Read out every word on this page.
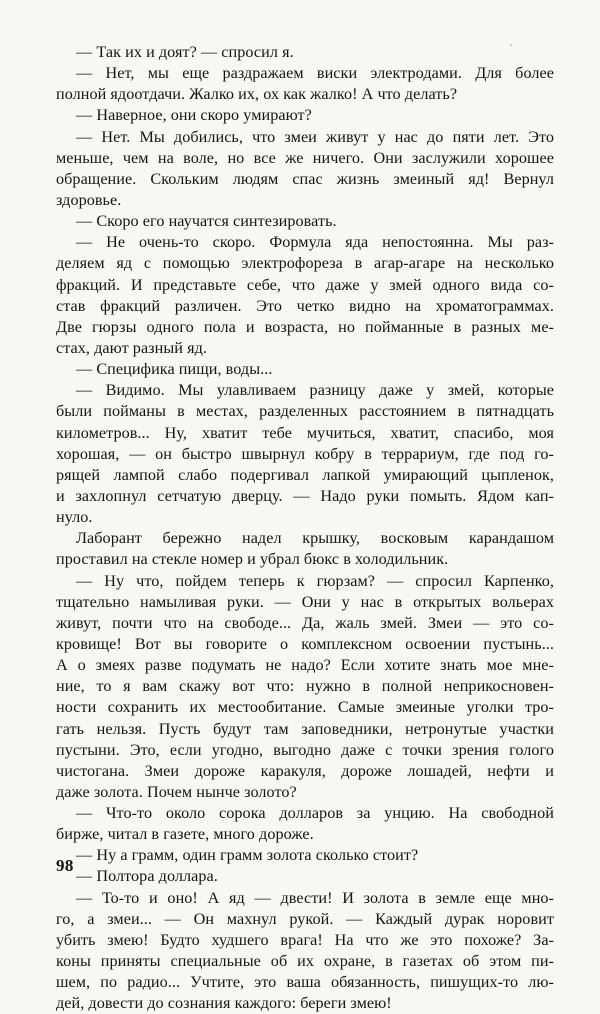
— Так их и доят? — спросил я.
— Нет, мы еще раздражаем виски электродами. Для более
полной ядоотдачи. Жалко их, ох как жалко! А что делать?
— Наверное, они скоро умирают?
— Нет. Мы добились, что змеи живут у нас до пяти лет. Это
меньше, чем на воле, но все же ничего. Они заслужили хорошее
обращение. Скольким людям спас жизнь змеиный яд! Вернул
здоровье.
— Скоро его научатся синтезировать.
— Не очень-то скоро. Формула яда непостоянна. Мы раз-
деляем яд с помощью электрофореза в агар-агаре на несколько
фракций. И представьте себе, что даже у змей одного вида со-
став фракций различен. Это четко видно на хроматограммах.
Две гюрзы одного пола и возраста, но пойманные в разных ме-
стах, дают разный яд.
— Специфика пищи, воды...
— Видимо. Мы улавливаем разницу даже у змей, которые
были пойманы в местах, разделенных расстоянием в пятнадцать
километров... Ну, хватит тебе мучиться, хватит, спасибо, моя
хорошая, — он быстро швырнул кобру в террариум, где под го-
рящей лампой слабо подергивал лапкой умирающий цыпленок,
и захлопнул сетчатую дверцу. — Надо руки помыть. Ядом кап-
нуло.
Лаборант бережно надел крышку, восковым карандашом
проставил на стекле номер и убрал бюкс в холодильник.
— Ну что, пойдем теперь к гюрзам? — спросил Карпенко,
тщательно намыливая руки. — Они у нас в открытых вольерах
живут, почти что на свободе... Да, жаль змей. Змеи — это со-
кровище! Вот вы говорите о комплексном освоении пустынь...
А о змеях разве подумать не надо? Если хотите знать мое мне-
ние, то я вам скажу вот что: нужно в полной неприкосновен-
ности сохранить их местообитание. Самые змеиные уголки тро-
гать нельзя. Пусть будут там заповедники, нетронутые участки
пустыни. Это, если угодно, выгодно даже с точки зрения голого
чистогана. Змеи дороже каракуля, дороже лошадей, нефти и
даже золота. Почем нынче золото?
— Что-то около сорока долларов за унцию. На свободной
бирже, читал в газете, много дороже.
— Ну а грамм, один грамм золота сколько стоит?
— Полтора доллара.
— То-то и оно! А яд — двести! И золота в земле еще мно-
го, а змеи... — Он махнул рукой. — Каждый дурак норовит
убить змею! Будто худшего врага! На что же это похоже? За-
коны приняты специальные об их охране, в газетах об этом пи-
шем, по радио... Учтите, это ваша обязанность, пишущих-то лю-
дей, довести до сознания каждого: береги змею!
98
